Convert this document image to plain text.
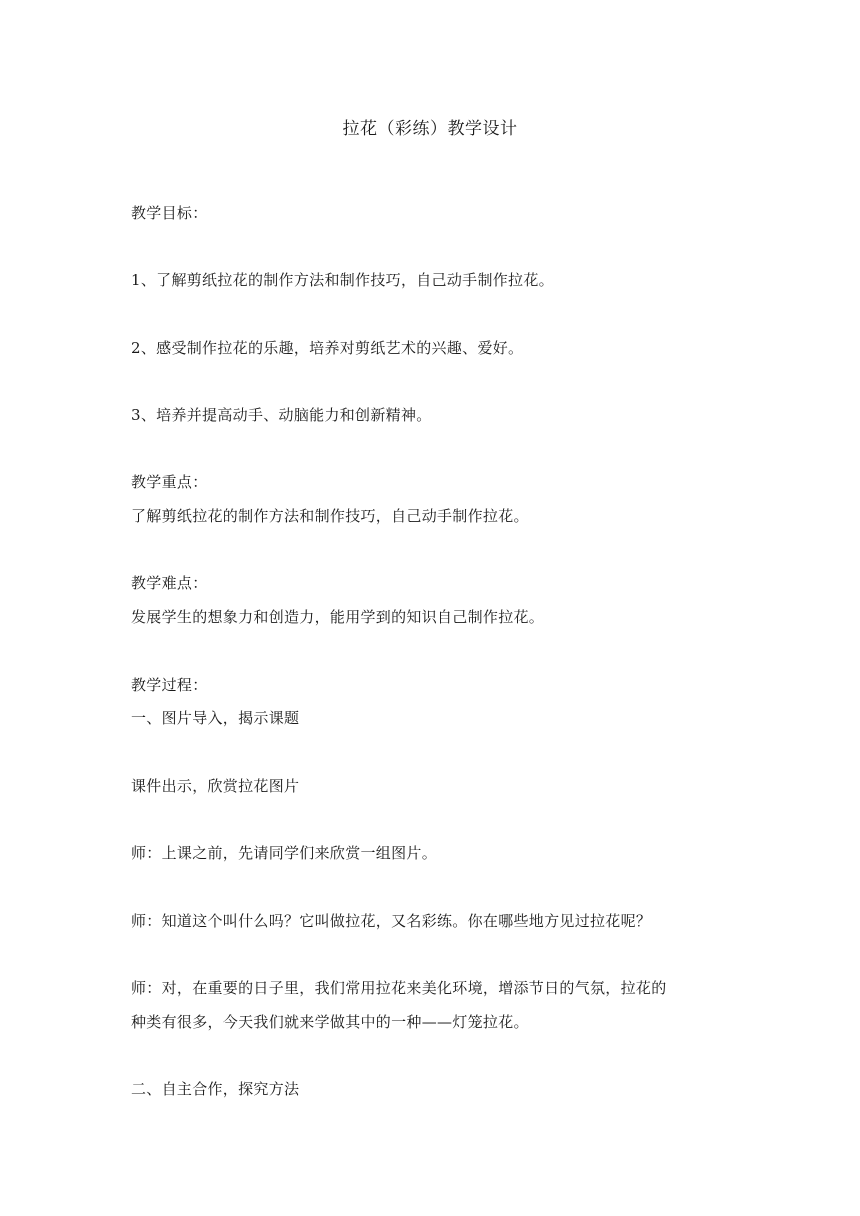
拉花（彩练）教学设计
教学目标：
1、了解剪纸拉花的制作方法和制作技巧，自己动手制作拉花。
2、感受制作拉花的乐趣，培养对剪纸艺术的兴趣、爱好。
3、培养并提高动手、动脑能力和创新精神。
教学重点：
了解剪纸拉花的制作方法和制作技巧，自己动手制作拉花。
教学难点：
发展学生的想象力和创造力，能用学到的知识自己制作拉花。
教学过程：
一、图片导入，揭示课题
课件出示，欣赏拉花图片
师：上课之前，先请同学们来欣赏一组图片。
师：知道这个叫什么吗？它叫做拉花，又名彩练。你在哪些地方见过拉花呢？
师：对，在重要的日子里，我们常用拉花来美化环境，增添节日的气氛，拉花的
种类有很多，今天我们就来学做其中的一种——灯笼拉花。
二、自主合作，探究方法
